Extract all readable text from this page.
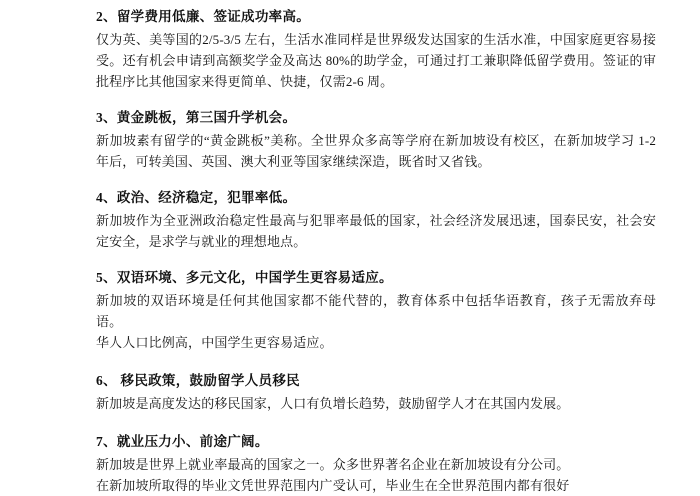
2、留学费用低廉、签证成功率高。

仅为英、美等国的2/5-3/5 左右，生活水准同样是世界级发达国家的生活水准，中国家庭更容易接受。还有机会申请到高额奖学金及高达 80%的助学金，可通过打工兼职降低留学费用。签证的审批程序比其他国家来得更简单、快捷，仅需2-6 周。

3、黄金跳板，第三国升学机会。

新加坡素有留学的“黄金跳板”美称。全世界众多高等学府在新加坡设有校区，在新加坡学习 1-2 年后，可转美国、英国、澳大利亚等国家继续深造，既省时又省钱。

4、政治、经济稳定，犯罪率低。

新加坡作为全亚洲政治稳定性最高与犯罪率最低的国家，社会经济发展迅速，国泰民安，社会安定安全，是求学与就业的理想地点。

5、双语环境、多元文化，中国学生更容易适应。

新加坡的双语环境是任何其他国家都不能代替的，教育体系中包括华语教育，孩子无需放弃母语。

华人人口比例高，中国学生更容易适应。

6、 移民政策，鼓励留学人员移民

新加坡是高度发达的移民国家，人口有负增长趋势，鼓励留学人才在其国内发展。

7、就业压力小、前途广阔。

新加坡是世界上就业率最高的国家之一。众多世界著名企业在新加坡设有分公司。

在新加坡所取得的毕业文凭世界范围内广受认可，毕业生在全世界范围内都有很好
